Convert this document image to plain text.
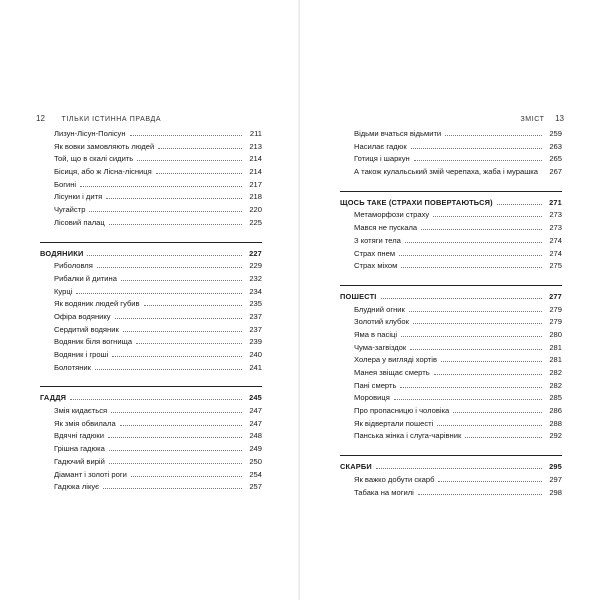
12 ТІЛЬКИ ІСТИННА ПРАВДА
Лизун-Лісун-Полісун	211
Як вовки замовляють людей	213
Той, що в скалі сидить	214
Бісиця, або ж Лісна-лісниця	214
Богині	217
Лісунки і дитя	218
Чугайстр	220
Лісовий палац	225
ВОДЯНИКИ	227
Риболовля	229
Рибалки й дитина	232
Курці	234
Як водяник людей губив	235
Офіра водянику	237
Сердитий водяник	237
Водяник біля вогнища	239
Водяник і гроші	240
Болотяник	241
ГАДДЯ	245
Змія кидається	247
Як змія обвилала	247
Вдячні гадюки	248
Грішна гадюка	249
Гадючий вирій	250
Діамант і золоті роги	254
Гадюка лікує	257
ЗМІСТ 13
Відьми вчаться відьмити	259
Насилає гадюк	263
Готиця і шаркун	265
А також кулальський змій черепаха, жаба і мурашка	267
ЩОСЬ ТАКЕ (СТРАХИ ПОВЕРТАЮТЬСЯ)	271
Метаморфози страху	273
Мався не пускала	273
З котяги тела	274
Страх пнем	274
Страх міхом	275
ПОШЕСТІ	277
Блудний огник	279
Золотий клубок	279
Яма в пасіці	280
Чума-загвіздок	281
Холера у вигляді хортів	281
Манея звіщає смерть	282
Пані смерть	282
Моровиця	285
Про пропасницю і чоловіка	286
Як відвертали пошесті	288
Панська жінка і слуга-чарівник	292
СКАРБИ	295
Як важко добути скарб	297
Табака на могилі	298
